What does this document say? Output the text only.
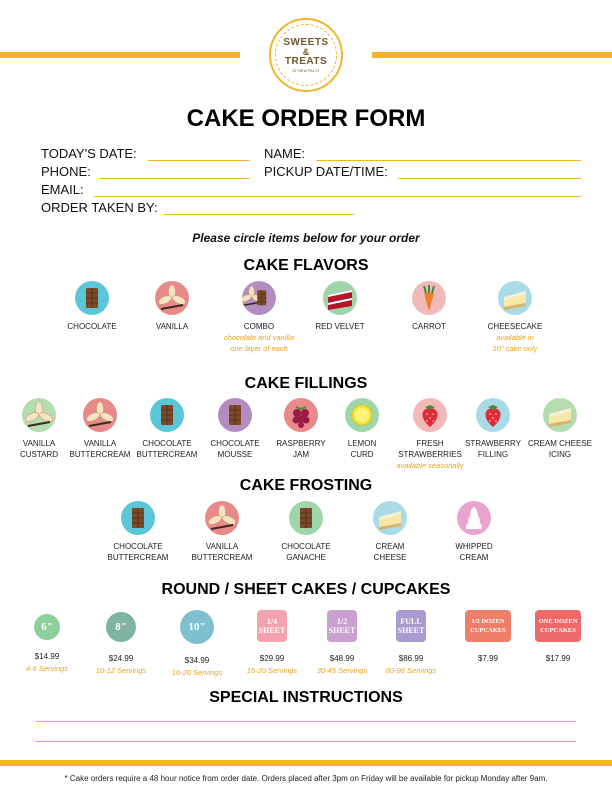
SWEETS
&
TREATS
AT NEW PALTZ
CAKE ORDER FORM
TODAY'S DATE:	NAME:
PHONE:	PICKUP DATE/TIME:
EMAIL:
ORDER TAKEN BY:
Please circle items below for your order
CAKE FLAVORS
CHOCOLATE	VANILLA	COMBO
chocolate and vanilla
one layer of each
RED VELVET	CARROT	CHEESECAKE
available in
10" cake only
CAKE FILLINGS
VANILLA
CUSTARD
VANILLA
BUTTERCREAM
CHOCOLATE
BUTTERCREAM
CHOCOLATE
MOUSSE
RASPBERRY
JAM
LEMON
CURD
FRESH
STRAWBERRIES
available seasonally
STRAWBERRY
FILLING
CREAM CHEESE
ICING
CAKE FROSTING
CHOCOLATE
BUTTERCREAM
VANILLA
BUTTERCREAM
CHOCOLATE
GANACHE
CREAM
CHEESE
WHIPPED
CREAM
ROUND / SHEET CAKES / CUPCAKES
6"
$14.99
4-6 Servings
8"
$24.99
10-12 Servings
10"
$34.99
16-20 Servings
1/4
SHEET
$29.99
15-20 Servings
1/2
SHEET
$48.99
30-45 Servings
FULL
SHEET
$86.99
60-96 Servings
1/2 DOZEN
CUPCAKES
$7.99
ONE DOZEN
CUPCAKES
$17.99
SPECIAL INSTRUCTIONS
* Cake orders require a 48 hour notice from order date. Orders placed after 3pm on Friday will be available for pickup Monday after 9am.
